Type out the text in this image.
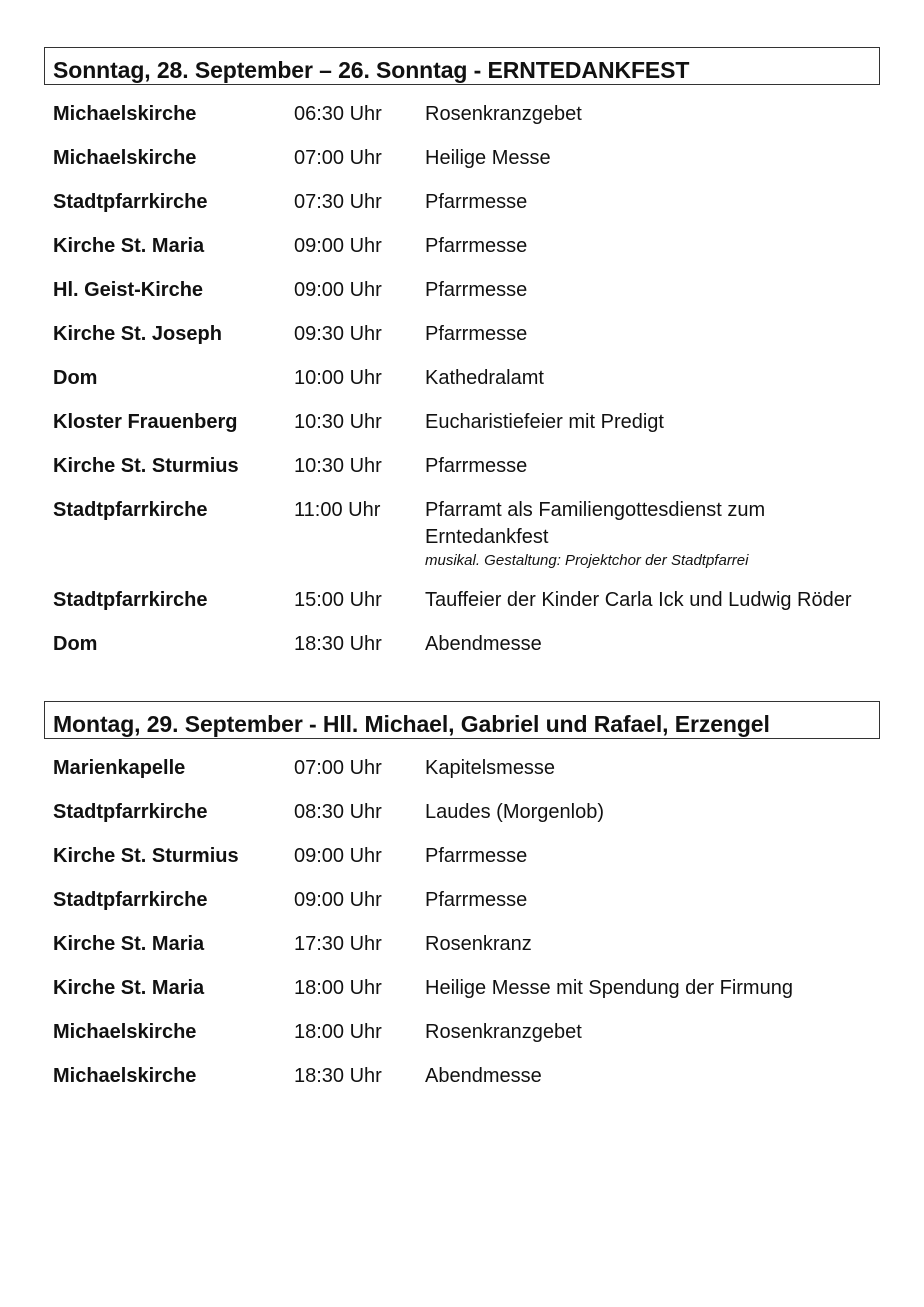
Sonntag, 28. September – 26. Sonntag - ERNTEDANKFEST
Michaelskirche	06:30 Uhr	Rosenkranzgebet
Michaelskirche	07:00 Uhr	Heilige Messe
Stadtpfarrkirche	07:30 Uhr	Pfarrmesse
Kirche St. Maria	09:00 Uhr	Pfarrmesse
Hl. Geist-Kirche	09:00 Uhr	Pfarrmesse
Kirche St. Joseph	09:30 Uhr	Pfarrmesse
Dom	10:00 Uhr	Kathedralamt
Kloster Frauenberg	10:30 Uhr	Eucharistiefeier mit Predigt
Kirche St. Sturmius	10:30 Uhr	Pfarrmesse
Stadtpfarrkirche	11:00 Uhr	Pfarramt als Familiengottesdienst zum Erntedankfest
musikal. Gestaltung: Projektchor der Stadtpfarrei
Stadtpfarrkirche	15:00 Uhr	Tauffeier der Kinder Carla Ick und Ludwig Röder
Dom	18:30 Uhr	Abendmesse
Montag, 29. September - Hll. Michael, Gabriel und Rafael, Erzengel
Marienkapelle	07:00 Uhr	Kapitelsmesse
Stadtpfarrkirche	08:30 Uhr	Laudes (Morgenlob)
Kirche St. Sturmius	09:00 Uhr	Pfarrmesse
Stadtpfarrkirche	09:00 Uhr	Pfarrmesse
Kirche St. Maria	17:30 Uhr	Rosenkranz
Kirche St. Maria	18:00 Uhr	Heilige Messe mit Spendung der Firmung
Michaelskirche	18:00 Uhr	Rosenkranzgebet
Michaelskirche	18:30 Uhr	Abendmesse
